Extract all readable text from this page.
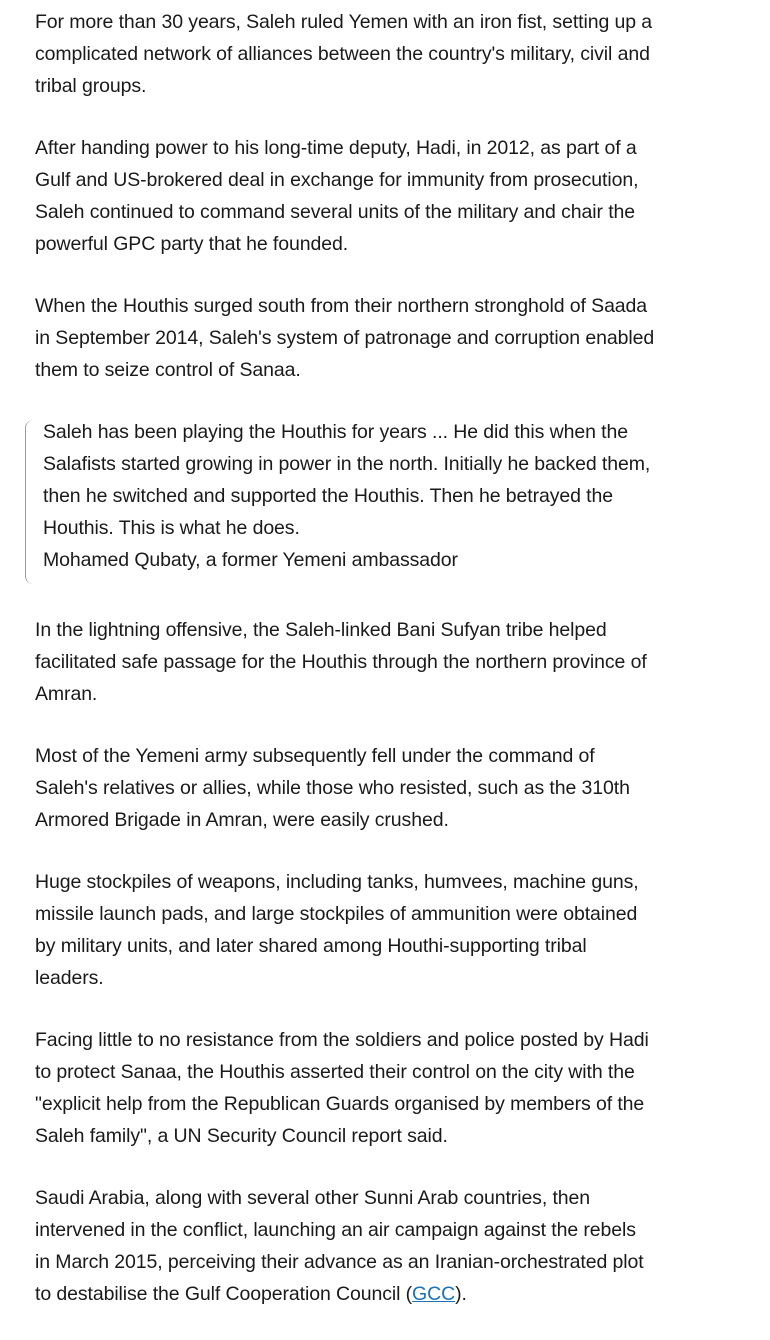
For more than 30 years, Saleh ruled Yemen with an iron fist, setting up a complicated network of alliances between the country's military, civil and tribal groups.

After handing power to his long-time deputy, Hadi, in 2012, as part of a Gulf and US-brokered deal in exchange for immunity from prosecution, Saleh continued to command several units of the military and chair the powerful GPC party that he founded.

When the Houthis surged south from their northern stronghold of Saada in September 2014, Saleh's system of patronage and corruption enabled them to seize control of Sanaa.

Saleh has been playing the Houthis for years ... He did this when the Salafists started growing in power in the north. Initially he backed them, then he switched and supported the Houthis. Then he betrayed the Houthis. This is what he does.

Mohamed Qubaty, a former Yemeni ambassador

In the lightning offensive, the Saleh-linked Bani Sufyan tribe helped facilitated safe passage for the Houthis through the northern province of Amran.

Most of the Yemeni army subsequently fell under the command of Saleh's relatives or allies, while those who resisted, such as the 310th Armored Brigade in Amran, were easily crushed.

Huge stockpiles of weapons, including tanks, humvees, machine guns, missile launch pads, and large stockpiles of ammunition were obtained by military units, and later shared among Houthi-supporting tribal leaders.

Facing little to no resistance from the soldiers and police posted by Hadi to protect Sanaa, the Houthis asserted their control on the city with the "explicit help from the Republican Guards organised by members of the Saleh family", a UN Security Council report said.

Saudi Arabia, along with several other Sunni Arab countries, then intervened in the conflict, launching an air campaign against the rebels in March 2015, perceiving their advance as an Iranian-orchestrated plot to destabilise the Gulf Cooperation Council (GCC).
